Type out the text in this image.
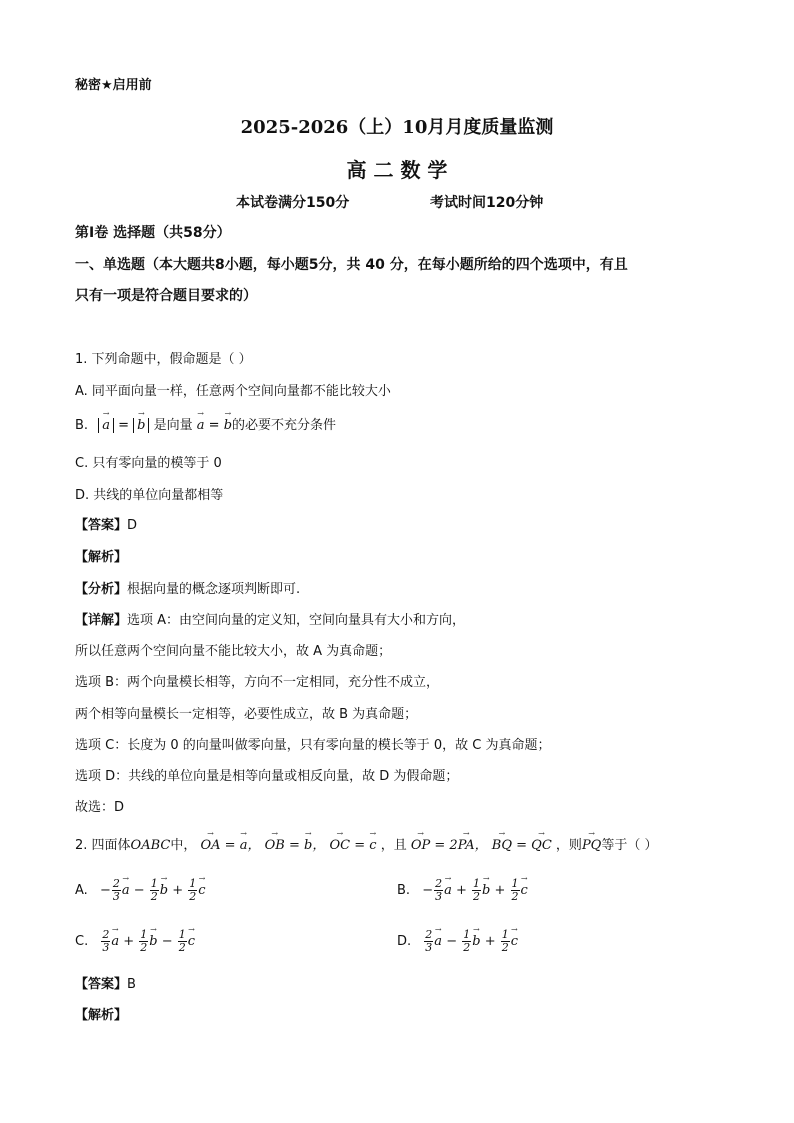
秘密★启用前
2025-2026（上）10月月度质量监测
高 二 数 学
本试卷满分150分	考试时间120分钟
第Ⅰ卷 选择题（共58分）
一、单选题（本大题共8小题，每小题5分，共 40 分，在每小题所给的四个选项中，有且
只有一项是符合题目要求的）
1. 下列命题中，假命题是（ ）
A. 同平面向量一样，任意两个空间向量都不能比较大小
B. a
→
= b
→
是向量 a
→
= b
→
的必要不充分条件
C. 只有零向量的模等于 0
D. 共线的单位向量都相等
【答案】D
【解析】
【分析】根据向量的概念逐项判断即可.
【详解】选项 A：由空间向量的定义知，空间向量具有大小和方向，
所以任意两个空间向量不能比较大小，故 A 为真命题；
选项 B：两个向量模长相等，方向不一定相同，充分性不成立，
两个相等向量模长一定相等，必要性成立，故 B 为真命题；
选项 C：长度为 0 的向量叫做零向量，只有零向量的模长等于 0，故 C 为真命题；
选项 D：共线的单位向量是相等向量或相反向量，故 D 为假命题；
故选：D
2. 四面体OABC中， OA
→
= a
→
， OB
→
= b
→
， OC
→
= c
→
，且 OP
→
= 2PA
→
， BQ
→
= QC
→
，则PQ
→
等于（ ）
A. − $\frac{2}{3}$ a
→
− $\frac{1}{2}$ b
→
+ $\frac{1}{2}$ c
→
B. − $\frac{2}{3}$ a
→
+ $\frac{1}{2}$ b
→
+ $\frac{1}{2}$ c
→
C. $\frac{2}{3}$ a
→
+ $\frac{1}{2}$ b
→
− $\frac{1}{2}$ c
→
D. $\frac{2}{3}$ a
→
− $\frac{1}{2}$ b
→
+ $\frac{1}{2}$ c
→
【答案】B
【解析】
